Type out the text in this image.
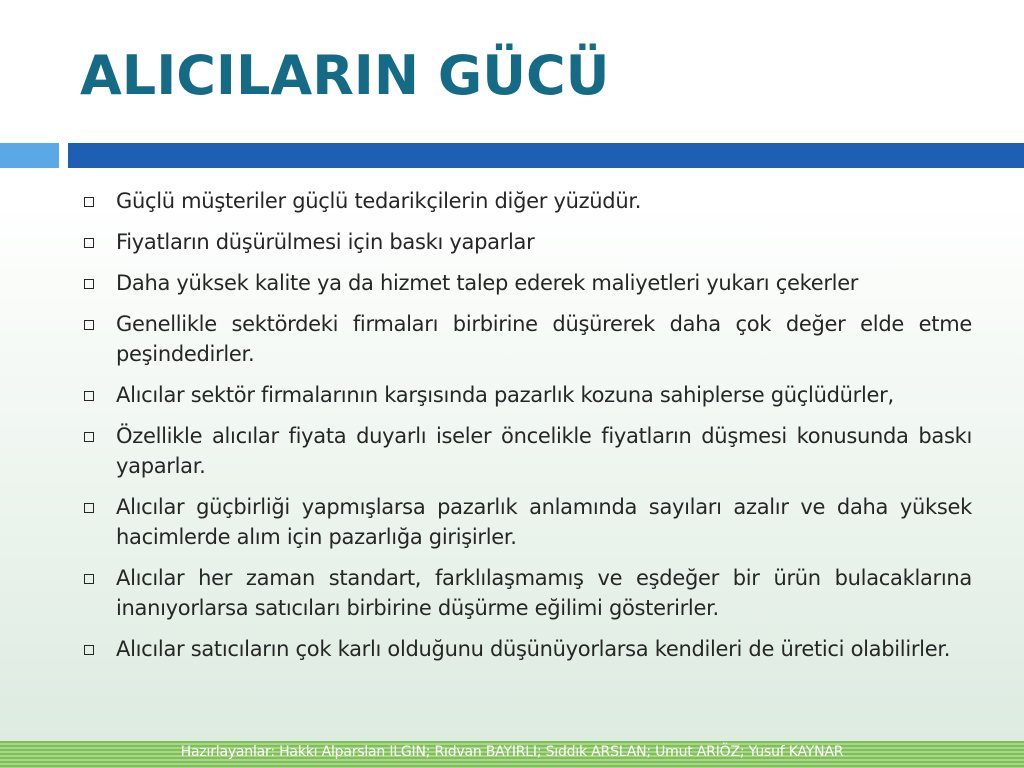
ALICILARIN GÜCÜ
Güçlü müşteriler güçlü tedarikçilerin diğer yüzüdür.
Fiyatların düşürülmesi için baskı yaparlar
Daha yüksek kalite ya da hizmet talep ederek maliyetleri yukarı çekerler
Genellikle sektördeki firmaları birbirine düşürerek daha çok değer elde etme peşindedirler.
Alıcılar sektör firmalarının karşısında pazarlık kozuna sahiplerse güçlüdürler,
Özellikle alıcılar fiyata duyarlı iseler öncelikle fiyatların düşmesi konusunda baskı yaparlar.
Alıcılar güçbirliği yapmışlarsa pazarlık anlamında sayıları azalır ve daha yüksek hacimlerde alım için pazarlığa girişirler.
Alıcılar her zaman standart, farklılaşmamış ve eşdeğer bir ürün bulacaklarına inanıyorlarsa satıcıları birbirine düşürme eğilimi gösterirler.
Alıcılar satıcıların çok karlı olduğunu düşünüyorlarsa kendileri de üretici olabilirler.
Hazırlayanlar: Hakkı Alparslan ILGIN; Rıdvan BAYIRLI; Sıddık ARSLAN; Umut ARIÖZ; Yusuf KAYNAR
